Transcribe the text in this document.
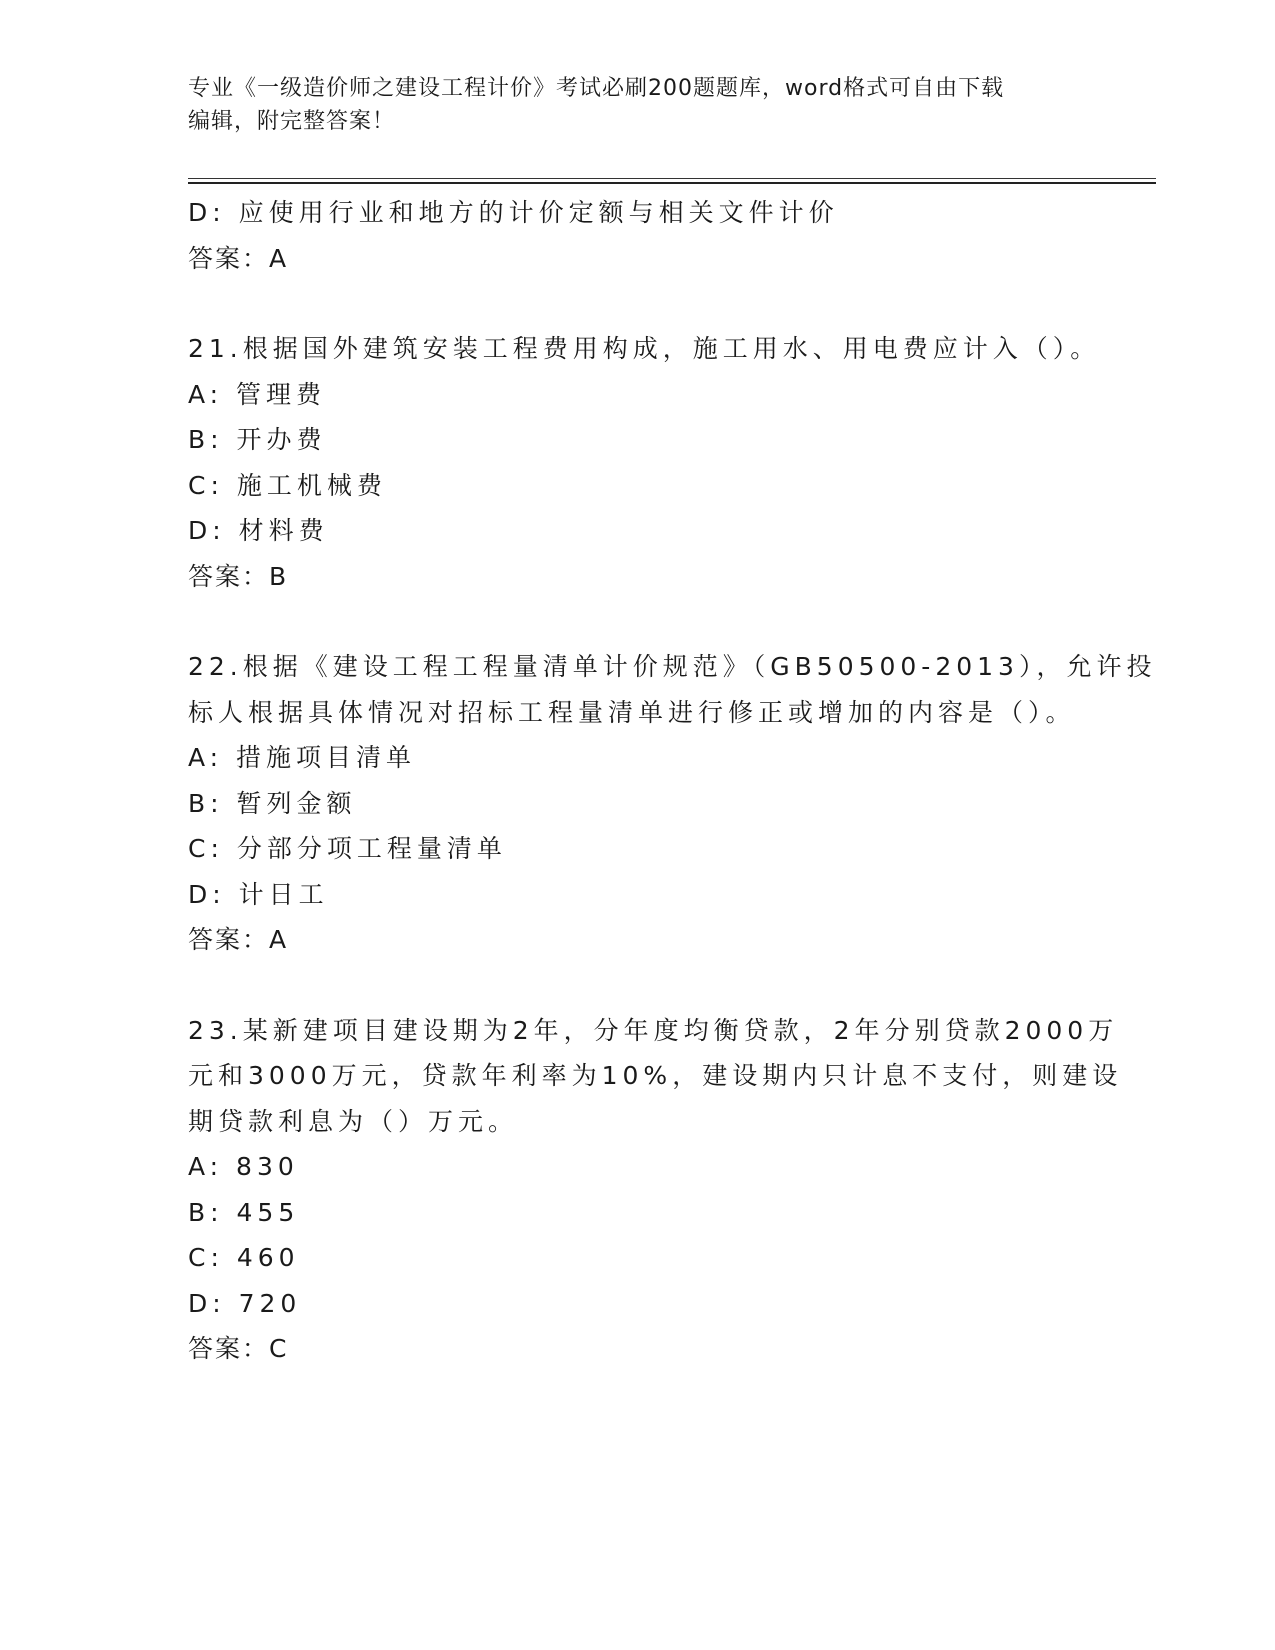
专业《一级造价师之建设工程计价》考试必刷200题题库，word格式可自由下载
编辑，附完整答案！
D: 应使用行业和地方的计价定额与相关文件计价
答案：A
21.根据国外建筑安装工程费用构成，施工用水、用电费应计入（）。
A: 管理费
B: 开办费
C: 施工机械费
D: 材料费
答案：B
22.根据《建设工程工程量清单计价规范》（GB50500-2013），允许投
标人根据具体情况对招标工程量清单进行修正或增加的内容是（）。
A: 措施项目清单
B: 暂列金额
C: 分部分项工程量清单
D: 计日工
答案：A
23.某新建项目建设期为2年，分年度均衡贷款，2年分别贷款2000万
元和3000万元，贷款年利率为10%，建设期内只计息不支付，则建设
期贷款利息为（）万元。
A: 830
B: 455
C: 460
D: 720
答案：C
